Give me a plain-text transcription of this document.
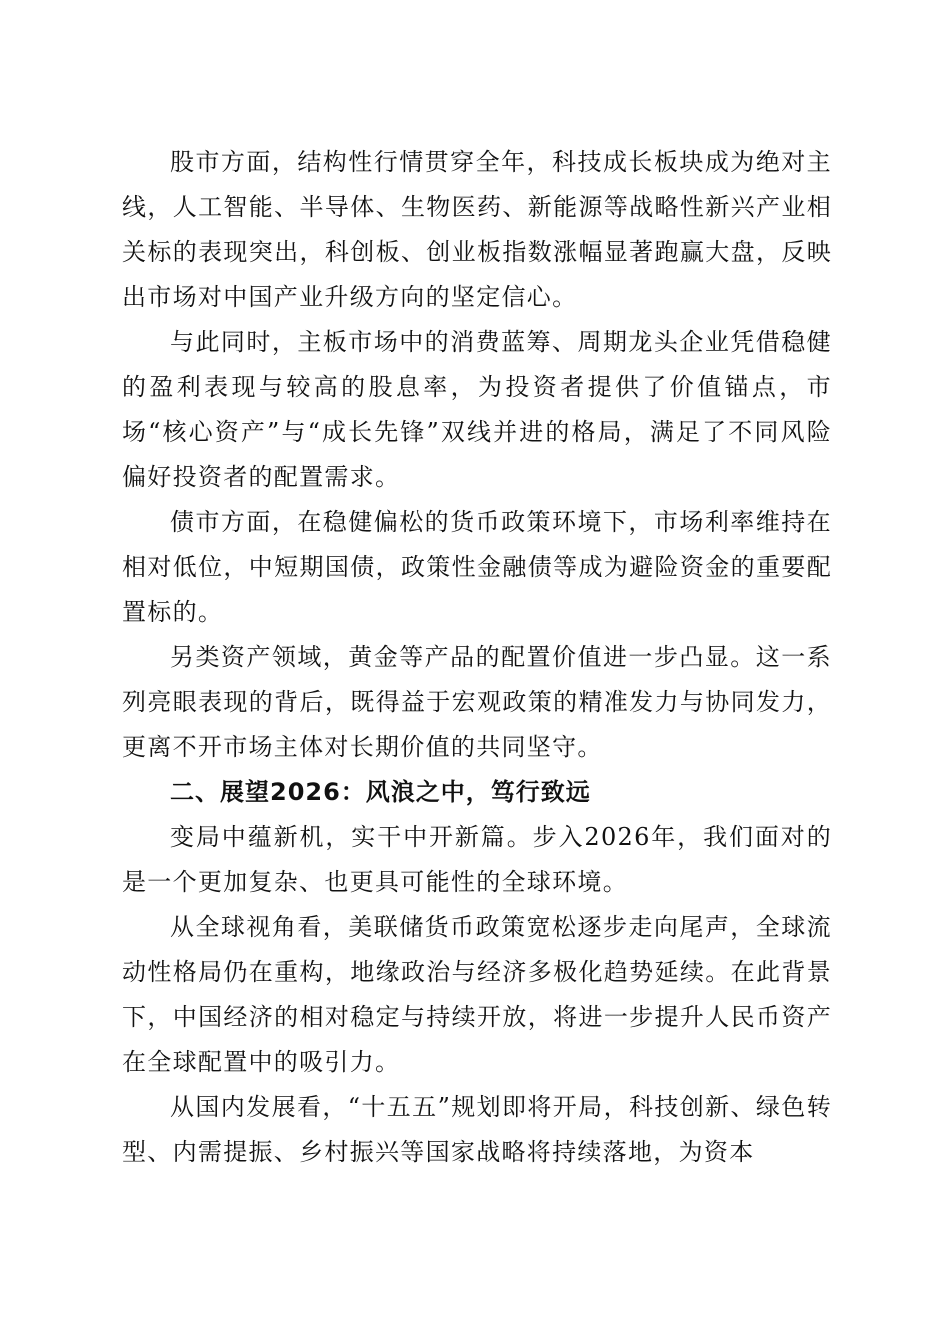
股市方面，结构性行情贯穿全年，科技成长板块成为绝对主线，人工智能、半导体、生物医药、新能源等战略性新兴产业相关标的表现突出，科创板、创业板指数涨幅显著跑赢大盘，反映出市场对中国产业升级方向的坚定信心。

与此同时，主板市场中的消费蓝筹、周期龙头企业凭借稳健的盈利表现与较高的股息率，为投资者提供了价值锚点，市场“核心资产”与“成长先锋”双线并进的格局，满足了不同风险偏好投资者的配置需求。

债市方面，在稳健偏松的货币政策环境下，市场利率维持在相对低位，中短期国债，政策性金融债等成为避险资金的重要配置标的。

另类资产领域，黄金等产品的配置价值进一步凸显。这一系列亮眼表现的背后，既得益于宏观政策的精准发力与协同发力，更离不开市场主体对长期价值的共同坚守。

二、展望2026：风浪之中，笃行致远

变局中蕴新机，实干中开新篇。步入2026年，我们面对的是一个更加复杂、也更具可能性的全球环境。

从全球视角看，美联储货币政策宽松逐步走向尾声，全球流动性格局仍在重构，地缘政治与经济多极化趋势延续。在此背景下，中国经济的相对稳定与持续开放，将进一步提升人民币资产在全球配置中的吸引力。

从国内发展看，“十五五”规划即将开局，科技创新、绿色转型、内需提振、乡村振兴等国家战略将持续落地，为资本
